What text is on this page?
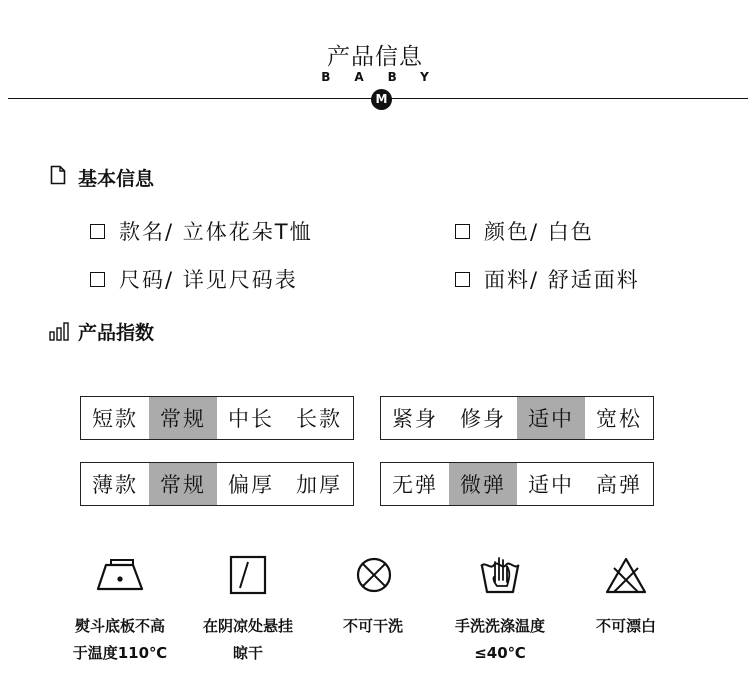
产品信息
BABY
M
基本信息
款名/ 立体花朵T恤	颜色/ 白色
尺码/ 详见尺码表	面料/ 舒适面料
产品指数
短款	常规	中长	长款	紧身	修身	适中	宽松
薄款	常规	偏厚	加厚	无弹	微弹	适中	高弹
熨斗底板不高
于温度110℃
在阴凉处悬挂
晾干
不可干洗	手洗洗涤温度
≤40℃
不可漂白
